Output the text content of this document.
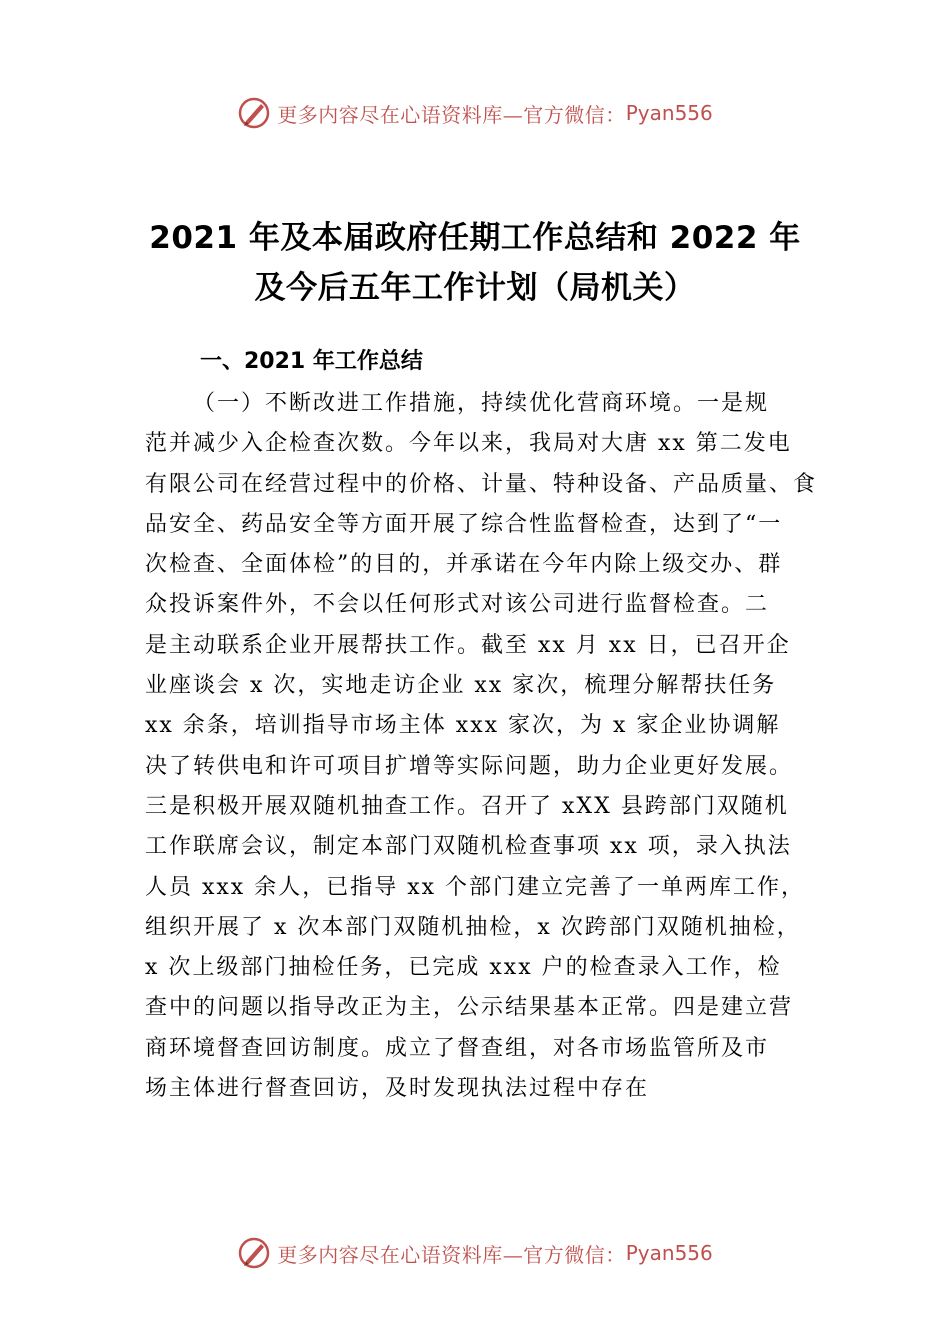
更多内容尽在心语资料库—官方微信： Pyan556
2021 年及本届政府任期工作总结和 2022 年
及今后五年工作计划（局机关）
一、2021 年工作总结
（一）不断改进工作措施，持续优化营商环境。一是规
范并减少入企检查次数。今年以来，我局对大唐 xx 第二发电
有限公司在经营过程中的价格、计量、特种设备、产品质量、食
品安全、药品安全等方面开展了综合性监督检查，达到了“一
次检查、全面体检”的目的，并承诺在今年内除上级交办、群
众投诉案件外，不会以任何形式对该公司进行监督检查。二
是主动联系企业开展帮扶工作。截至 xx 月 xx 日，已召开企
业座谈会 x 次，实地走访企业 xx 家次，梳理分解帮扶任务
xx 余条，培训指导市场主体 xxx 家次，为 x 家企业协调解
决了转供电和许可项目扩增等实际问题，助力企业更好发展。
三是积极开展双随机抽查工作。召开了 xXX 县跨部门双随机
工作联席会议，制定本部门双随机检查事项 xx 项，录入执法
人员 xxx 余人，已指导 xx 个部门建立完善了一单两库工作，
组织开展了 x 次本部门双随机抽检，x 次跨部门双随机抽检，
x 次上级部门抽检任务，已完成 xxx 户的检查录入工作，检
查中的问题以指导改正为主，公示结果基本正常。四是建立营
商环境督查回访制度。成立了督查组，对各市场监管所及市
场主体进行督查回访，及时发现执法过程中存在
更多内容尽在心语资料库—官方微信： Pyan556
